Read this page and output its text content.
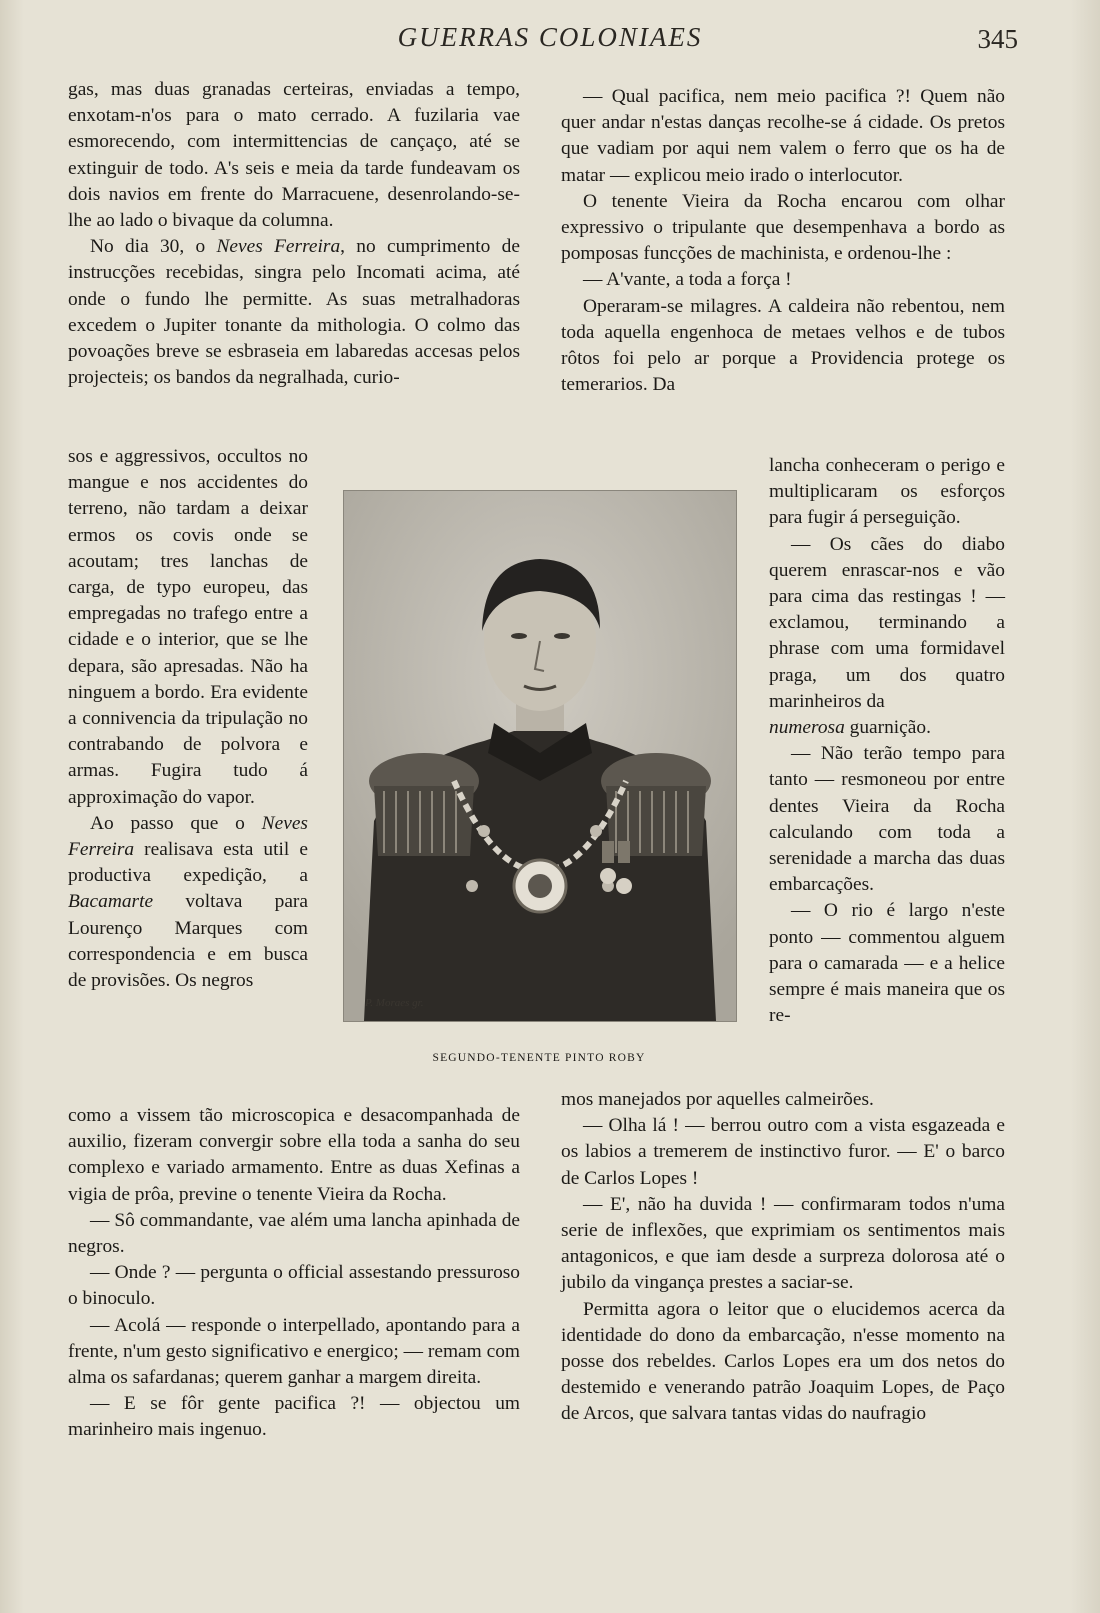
GUERRAS COLONIAES	345

gas, mas duas granadas certeiras, enviadas a tempo, enxotam-n'os para o mato cerrado. A fuzilaria vae esmorecendo, com intermittencias de cançaço, até se extinguir de todo. A's seis e meia da tarde fundeavam os dois navios em frente do Marracuene, desenrolando-se-lhe ao lado o bivaque da columna.

No dia 30, o Neves Ferreira, no cumprimento de instrucções recebidas, singra pelo Incomati acima, até onde o fundo lhe permitte. As suas metralhadoras excedem o Jupiter tonante da mithologia. O colmo das povoações breve se esbraseia em labaredas accesas pelos projecteis; os bandos da negralhada, curio-

sos e aggressivos, occultos no mangue e nos accidentes do terreno, não tardam a deixar ermos os covis onde se acoutam; tres lanchas de carga, de typo europeu, das empregadas no trafego entre a cidade e o interior, que se lhe depara, são apresadas. Não ha ninguem a bordo. Era evidente a connivencia da tripulação no contrabando de polvora e armas. Fugira tudo á approximação do vapor.

Ao passo que o Neves Ferreira realisava esta util e productiva expedição, a Bacamarte voltava para Lourenço Marques com correspondencia e em busca de provisões. Os negros

como a vissem tão microscopica e desacompanhada de auxilio, fizeram convergir sobre ella toda a sanha do seu complexo e variado armamento. Entre as duas Xefinas a vigia de prôa, previne o tenente Vieira da Rocha.

— Sô commandante, vae além uma lancha apinhada de negros.

— Onde ? — pergunta o official assestando pressuroso o binoculo.

— Acolá — responde o interpellado, apontando para a frente, n'um gesto significativo e energico; — remam com alma os safardanas; querem ganhar a margem direita.

— E se fôr gente pacifica ?! — objectou um marinheiro mais ingenuo.

— Qual pacifica, nem meio pacifica ?! Quem não quer andar n'estas danças recolhe-se á cidade. Os pretos que vadiam por aqui nem valem o ferro que os ha de matar — explicou meio irado o interlocutor.

O tenente Vieira da Rocha encarou com olhar expressivo o tripulante que desempenhava a bordo as pomposas funcções de machinista, e ordenou-lhe :

— A'vante, a toda a força !

Operaram-se milagres. A caldeira não rebentou, nem toda aquella engenhoca de metaes velhos e de tubos rôtos foi pelo ar porque a Providencia protege os temerarios. Da

lancha conheceram o perigo e multiplicaram os esforços para fugir á perseguição.

— Os cães do diabo querem enrascar-nos e vão para cima das restingas ! — exclamou, terminando a phrase com uma formidavel praga, um dos quatro marinheiros da

numerosa guarnição.

— Não terão tempo para tanto — resmoneou por entre dentes Vieira da Rocha calculando com toda a serenidade a marcha das duas embarcações.

— O rio é largo n'este ponto — commentou alguem para o camarada — e a helice sempre é mais maneira que os re-

mos manejados por aquelles calmeirões.

— Olha lá ! — berrou outro com a vista esgazeada e os labios a tremerem de instinctivo furor. — E' o barco de Carlos Lopes !

— E', não ha duvida ! — confirmaram todos n'uma serie de inflexões, que exprimiam os sentimentos mais antagonicos, e que iam desde a surpreza dolorosa até o jubilo da vingança prestes a saciar-se.

Permitta agora o leitor que o elucidemos acerca da identidade do dono da embarcação, n'esse momento na posse dos rebeldes. Carlos Lopes era um dos netos do destemido e venerando patrão Joaquim Lopes, de Paço de Arcos, que salvara tantas vidas do naufragio

P. Moraes gr.
SEGUNDO-TENENTE PINTO ROBY
